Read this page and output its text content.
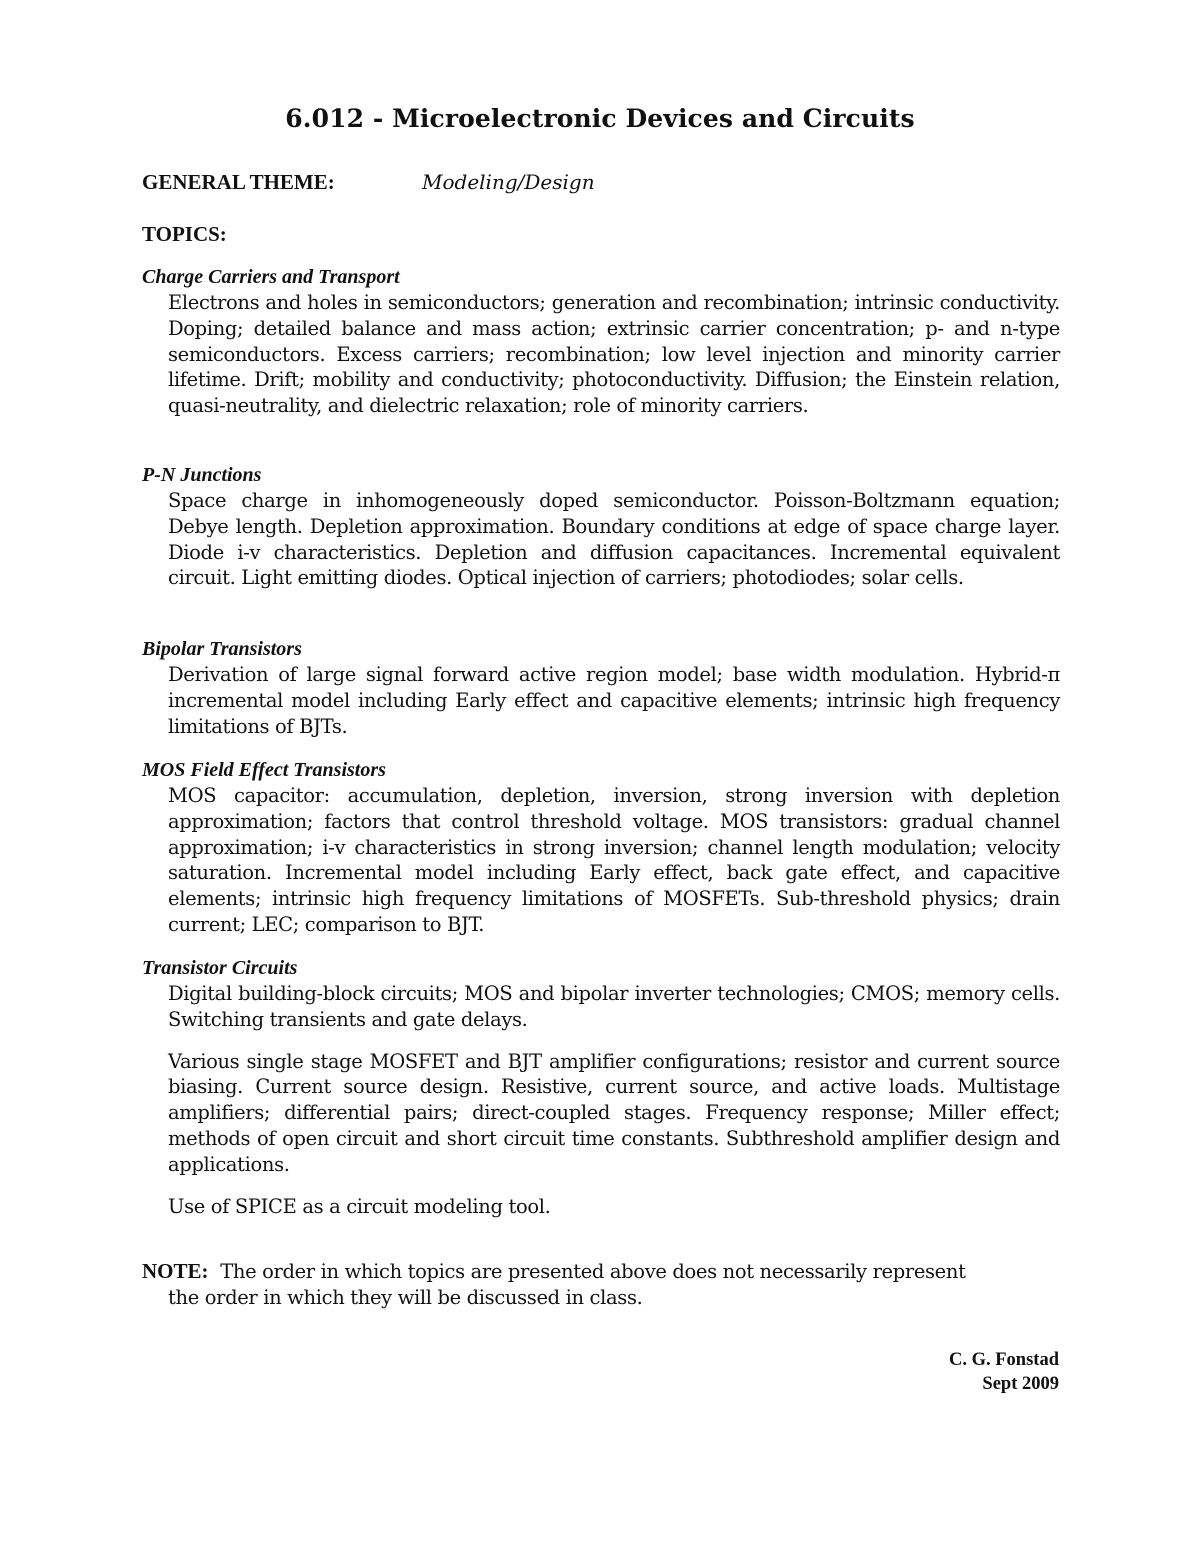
6.012 - Microelectronic Devices and Circuits
GENERAL THEME:	Modeling/Design
TOPICS:
Charge Carriers and Transport

Electrons and holes in semiconductors; generation and recombination; intrinsic conductivity. Doping; detailed balance and mass action; extrinsic carrier concentration; p- and n-type semiconductors. Excess carriers; recombination; low level injection and minority carrier lifetime. Drift; mobility and conductivity; photoconductivity. Diffusion; the Einstein relation, quasi-neutrality, and dielectric relaxation; role of minority carriers.

P-N Junctions

Space charge in inhomogeneously doped semiconductor. Poisson-Boltzmann equation; Debye length. Depletion approximation. Boundary conditions at edge of space charge layer. Diode i-v characteristics. Depletion and diffusion capacitances. Incremental equivalent circuit. Light emitting diodes. Optical injection of carriers; photodiodes; solar cells.

Bipolar Transistors

Derivation of large signal forward active region model; base width modulation. Hybrid-π incremental model including Early effect and capacitive elements; intrinsic high frequency limitations of BJTs.

MOS Field Effect Transistors

MOS capacitor: accumulation, depletion, inversion, strong inversion with depletion approximation; factors that control threshold voltage. MOS transistors: gradual channel approximation; i-v characteristics in strong inversion; channel length modulation; velocity saturation. Incremental model including Early effect, back gate effect, and capacitive elements; intrinsic high frequency limitations of MOSFETs. Sub-threshold physics; drain current; LEC; comparison to BJT.

Transistor Circuits

Digital building-block circuits; MOS and bipolar inverter technologies; CMOS; memory cells. Switching transients and gate delays.

Various single stage MOSFET and BJT amplifier configurations; resistor and current source biasing. Current source design. Resistive, current source, and active loads. Multistage amplifiers; differential pairs; direct-coupled stages. Frequency response; Miller effect; methods of open circuit and short circuit time constants. Subthreshold amplifier design and applications.

Use of SPICE as a circuit modeling tool.

NOTE: The order in which topics are presented above does not necessarily represent
the order in which they will be discussed in class.
C. G. Fonstad
Sept 2009
